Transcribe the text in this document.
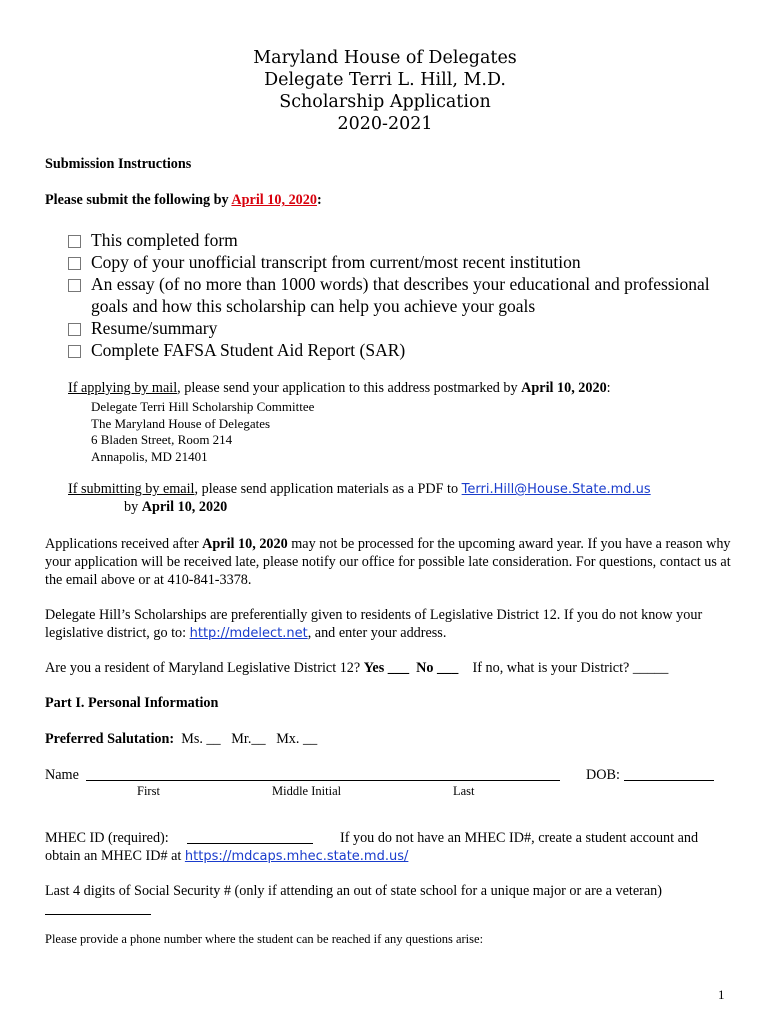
Maryland House of Delegates
Delegate Terri L. Hill, M.D.
Scholarship Application
2020-2021
Submission Instructions
Please submit the following by April 10, 2020:
This completed form
Copy of your unofficial transcript from current/most recent institution
An essay (of no more than 1000 words) that describes your educational and professional goals and how this scholarship can help you achieve your goals
Resume/summary
Complete FAFSA Student Aid Report (SAR)
If applying by mail, please send your application to this address postmarked by April 10, 2020:
Delegate Terri Hill Scholarship Committee
The Maryland House of Delegates
6 Bladen Street, Room 214
Annapolis, MD 21401
If submitting by email, please send application materials as a PDF to Terri.Hill@House.State.md.us
by April 10, 2020
Applications received after April 10, 2020 may not be processed for the upcoming award year. If you have a reason why your application will be received late, please notify our office for possible late consideration. For questions, contact us at the email above or at 410-841-3378.
Delegate Hill’s Scholarships are preferentially given to residents of Legislative District 12. If you do not know your legislative district, go to: http://mdelect.net, and enter your address.
Are you a resident of Maryland Legislative District 12? Yes ___ No ___ If no, what is your District? _____
Part I. Personal Information
Preferred Salutation: Ms. __   Mr.__   Mx. __
Name	DOB:
First	Middle Initial	Last
MHEC ID (required):	If you do not have an MHEC ID#, create a student account and
obtain an MHEC ID# at https://mdcaps.mhec.state.md.us/
Last 4 digits of Social Security # (only if attending an out of state school for a unique major or are a veteran)
Please provide a phone number where the student can be reached if any questions arise:
1
